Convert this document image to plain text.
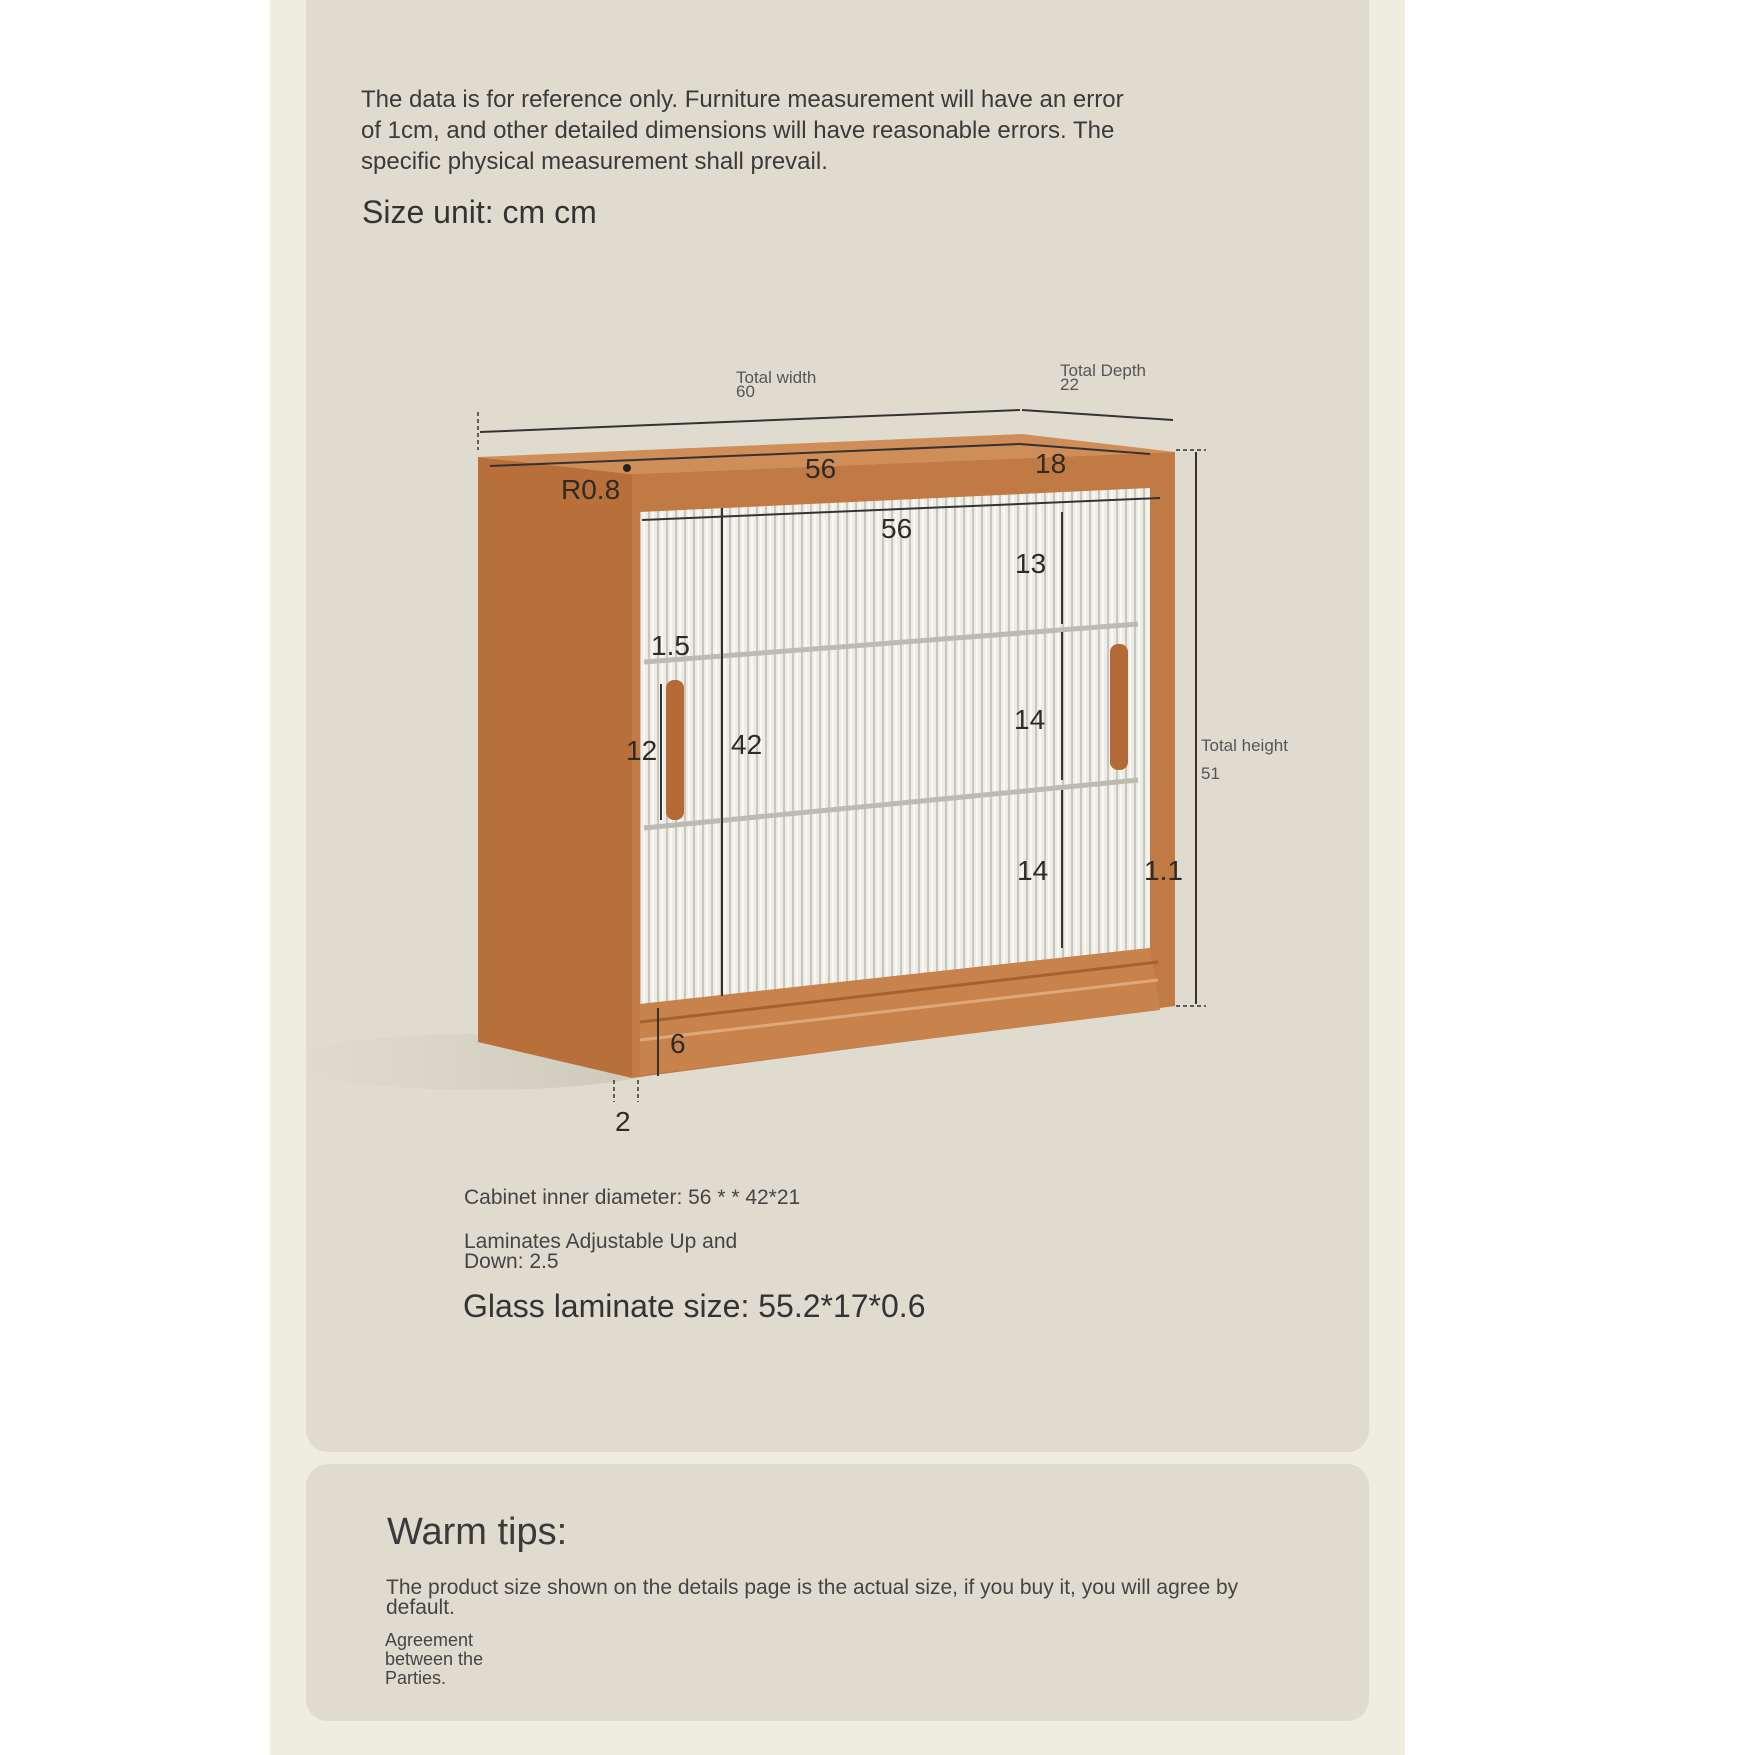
The data is for reference only. Furniture measurement will have an error of 1cm, and other detailed dimensions will have reasonable errors. The specific physical measurement shall prevail.
Size unit: cm cm
Total width
60
Total Depth
22
Total height
51
56	18
R0.8
56
13
1.5
14
12	42
14	1.1
6
2
Cabinet inner diameter: 56 * * 42*21
Laminates Adjustable Up and Down: 2.5
Glass laminate size: 55.2*17*0.6
Warm tips:
The product size shown on the details page is the actual size, if you buy it, you will agree by default.
Agreement between the Parties.
